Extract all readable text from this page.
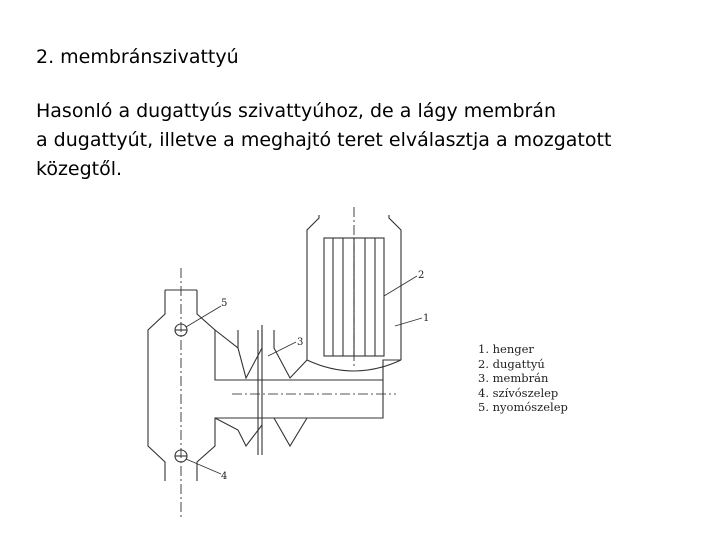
2. membránszivattyú
Hasonló a dugattyús szivattyúhoz, de a lágy membrán
a dugattyút, illetve a meghajtó teret elválasztja a mozgatott
közegtől.
5
3
2
1
4
1. henger
2. dugattyú
3. membrán
4. szívószelep
5. nyomószelep
